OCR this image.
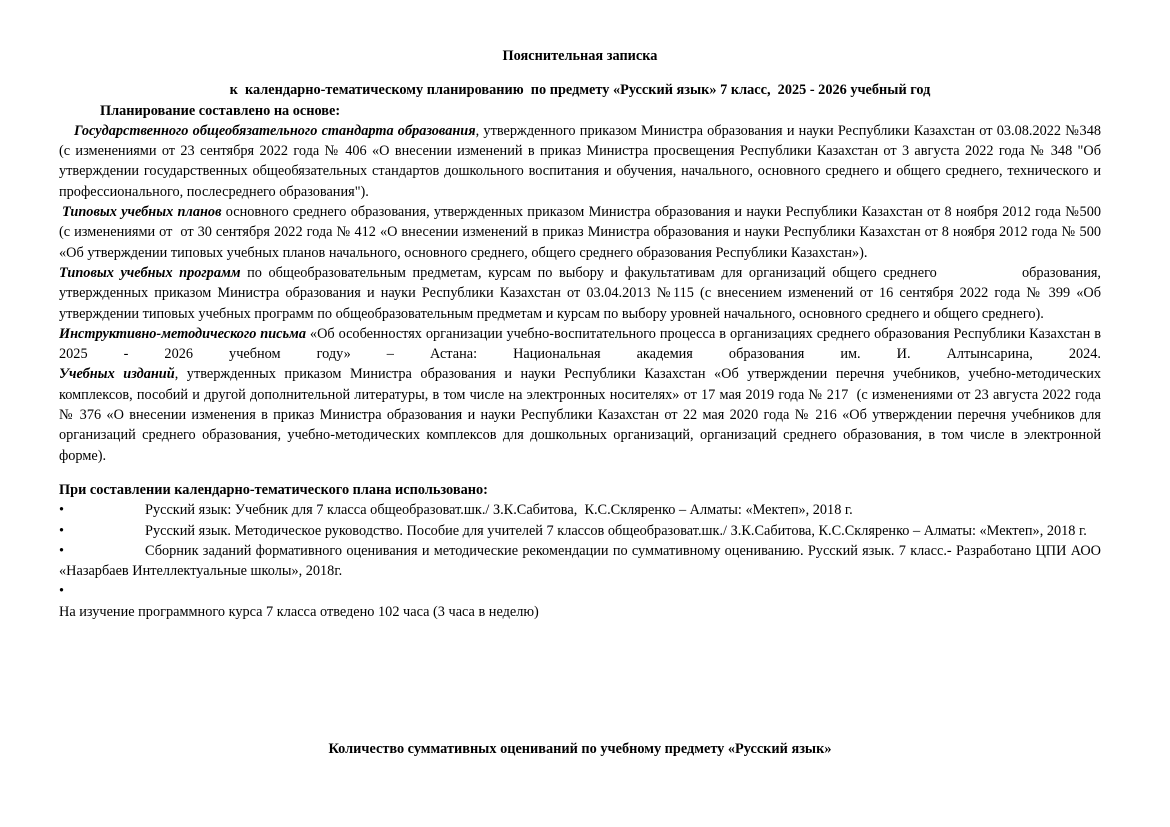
Пояснительная записка
к  календарно-тематическому планированию  по предмету «Русский язык» 7 класс,  2025 - 2026 учебный год
Планирование составлено на основе:

Государственного общеобязательного стандарта образования, утвержденного приказом Министра образования и науки Республики Казахстан от 03.08.2022 №348 (с изменениями от 23 сентября 2022 года № 406 «О внесении изменений в приказ Министра просвещения Республики Казахстан от 3 августа 2022 года № 348 "Об утверждении государственных общеобязательных стандартов дошкольного воспитания и обучения, начального, основного среднего и общего среднего, технического и профессионального, послесреднего образования").

Типовых учебных планов основного среднего образования, утвержденных приказом Министра образования и науки Республики Казахстан от 8 ноября 2012 года №500 (с изменениями от  от 30 сентября 2022 года № 412 «О внесении изменений в приказ Министра образования и науки Республики Казахстан от 8 ноября 2012 года № 500 «Об утверждении типовых учебных планов начального, основного среднего, общего среднего образования Республики Казахстан»).

Типовых учебных программ по общеобразовательным предметам, курсам по выбору и факультативам для организаций общего среднего             образования, утвержденных приказом Министра образования и науки Республики Казахстан от 03.04.2013 №115 (с внесением изменений от 16 сентября 2022 года № 399 «Об утверждении типовых учебных программ по общеобразовательным предметам и курсам по выбору уровней начального, основного среднего и общего среднего).

Инструктивно-методического письма «Об особенностях организации учебно-воспитательного процесса в организациях среднего образования Республики Казахстан в 2025 - 2026 учебном году» – Астана: Национальная академия образования им. И. Алтынсарина, 2024.

Учебных изданий, утвержденных приказом Министра образования и науки Республики Казахстан «Об утверждении перечня учебников, учебно-методических комплексов, пособий и другой дополнительной литературы, в том числе на электронных носителях» от 17 мая 2019 года № 217  (с изменениями от 23 августа 2022 года № 376 «О внесении изменения в приказ Министра образования и науки Республики Казахстан от 22 мая 2020 года № 216 «Об утверждении перечня учебников для организаций среднего образования, учебно-методических комплексов для дошкольных организаций, организаций среднего образования, в том числе в электронной форме).

При составлении календарно-тематического плана использовано:

•	Русский язык: Учебник для 7 класса общеобразоват.шк./ З.К.Сабитова,  К.С.Скляренко – Алматы: «Мектеп», 2018 г.

•	Русский язык. Методическое руководство. Пособие для учителей 7 классов общеобразоват.шк./ З.К.Сабитова, К.С.Скляренко – Алматы: «Мектеп», 2018 г.

•	Сборник заданий формативного оценивания и методические рекомендации по суммативному оцениванию. Русский язык. 7 класс.- Разработано ЦПИ АОО «Назарбаев Интеллектуальные школы», 2018г.

•

На изучение программного курса 7 класса отведено 102 часа (3 часа в неделю)

Количество суммативных оцениваний по учебному предмету «Русский язык»
